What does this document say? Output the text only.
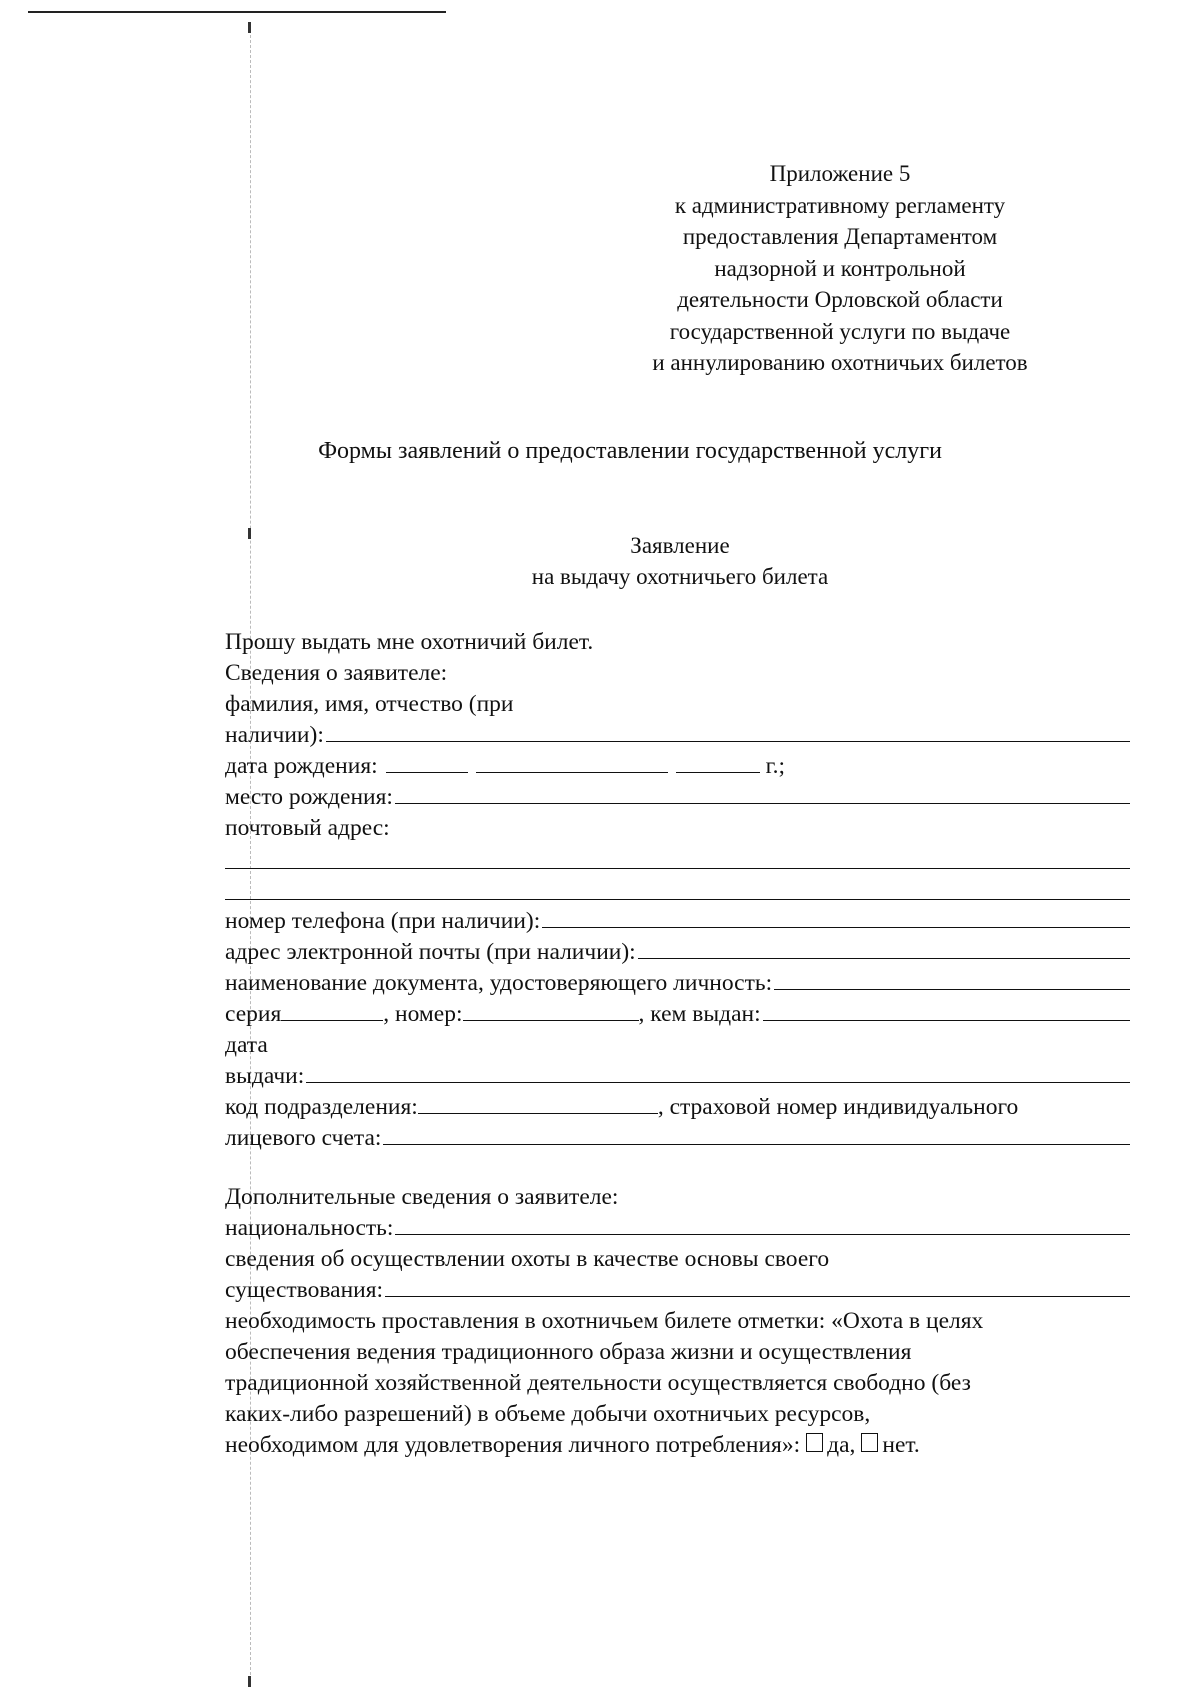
Приложение 5
к административному регламенту
предоставления Департаментом
надзорной и контрольной
деятельности Орловской области
государственной услуги по выдаче
и аннулированию охотничьих билетов
Формы заявлений о предоставлении государственной услуги
Заявление
на выдачу охотничьего билета
Прошу выдать мне охотничий билет.
Сведения о заявителе:
фамилия, имя, отчество (при
наличии):
дата рождения:	г.;
место рождения:
почтовый адрес:
номер телефона (при наличии):
адрес электронной почты (при наличии):
наименование документа, удостоверяющего личность:
серия	, номер:	, кем выдан:
дата
выдачи:
код подразделения:	, страховой номер индивидуального
лицевого счета:
Дополнительные сведения о заявителе:
национальность:
сведения об осуществлении охоты в качестве основы своего
существования:
необходимость проставления в охотничьем билете отметки: «Охота в целях
обеспечения ведения традиционного образа жизни и осуществления
традиционной хозяйственной деятельности осуществляется свободно (без
каких-либо разрешений) в объеме добычи охотничьих ресурсов,
необходимом для удовлетворения личного потребления»: да, нет.
